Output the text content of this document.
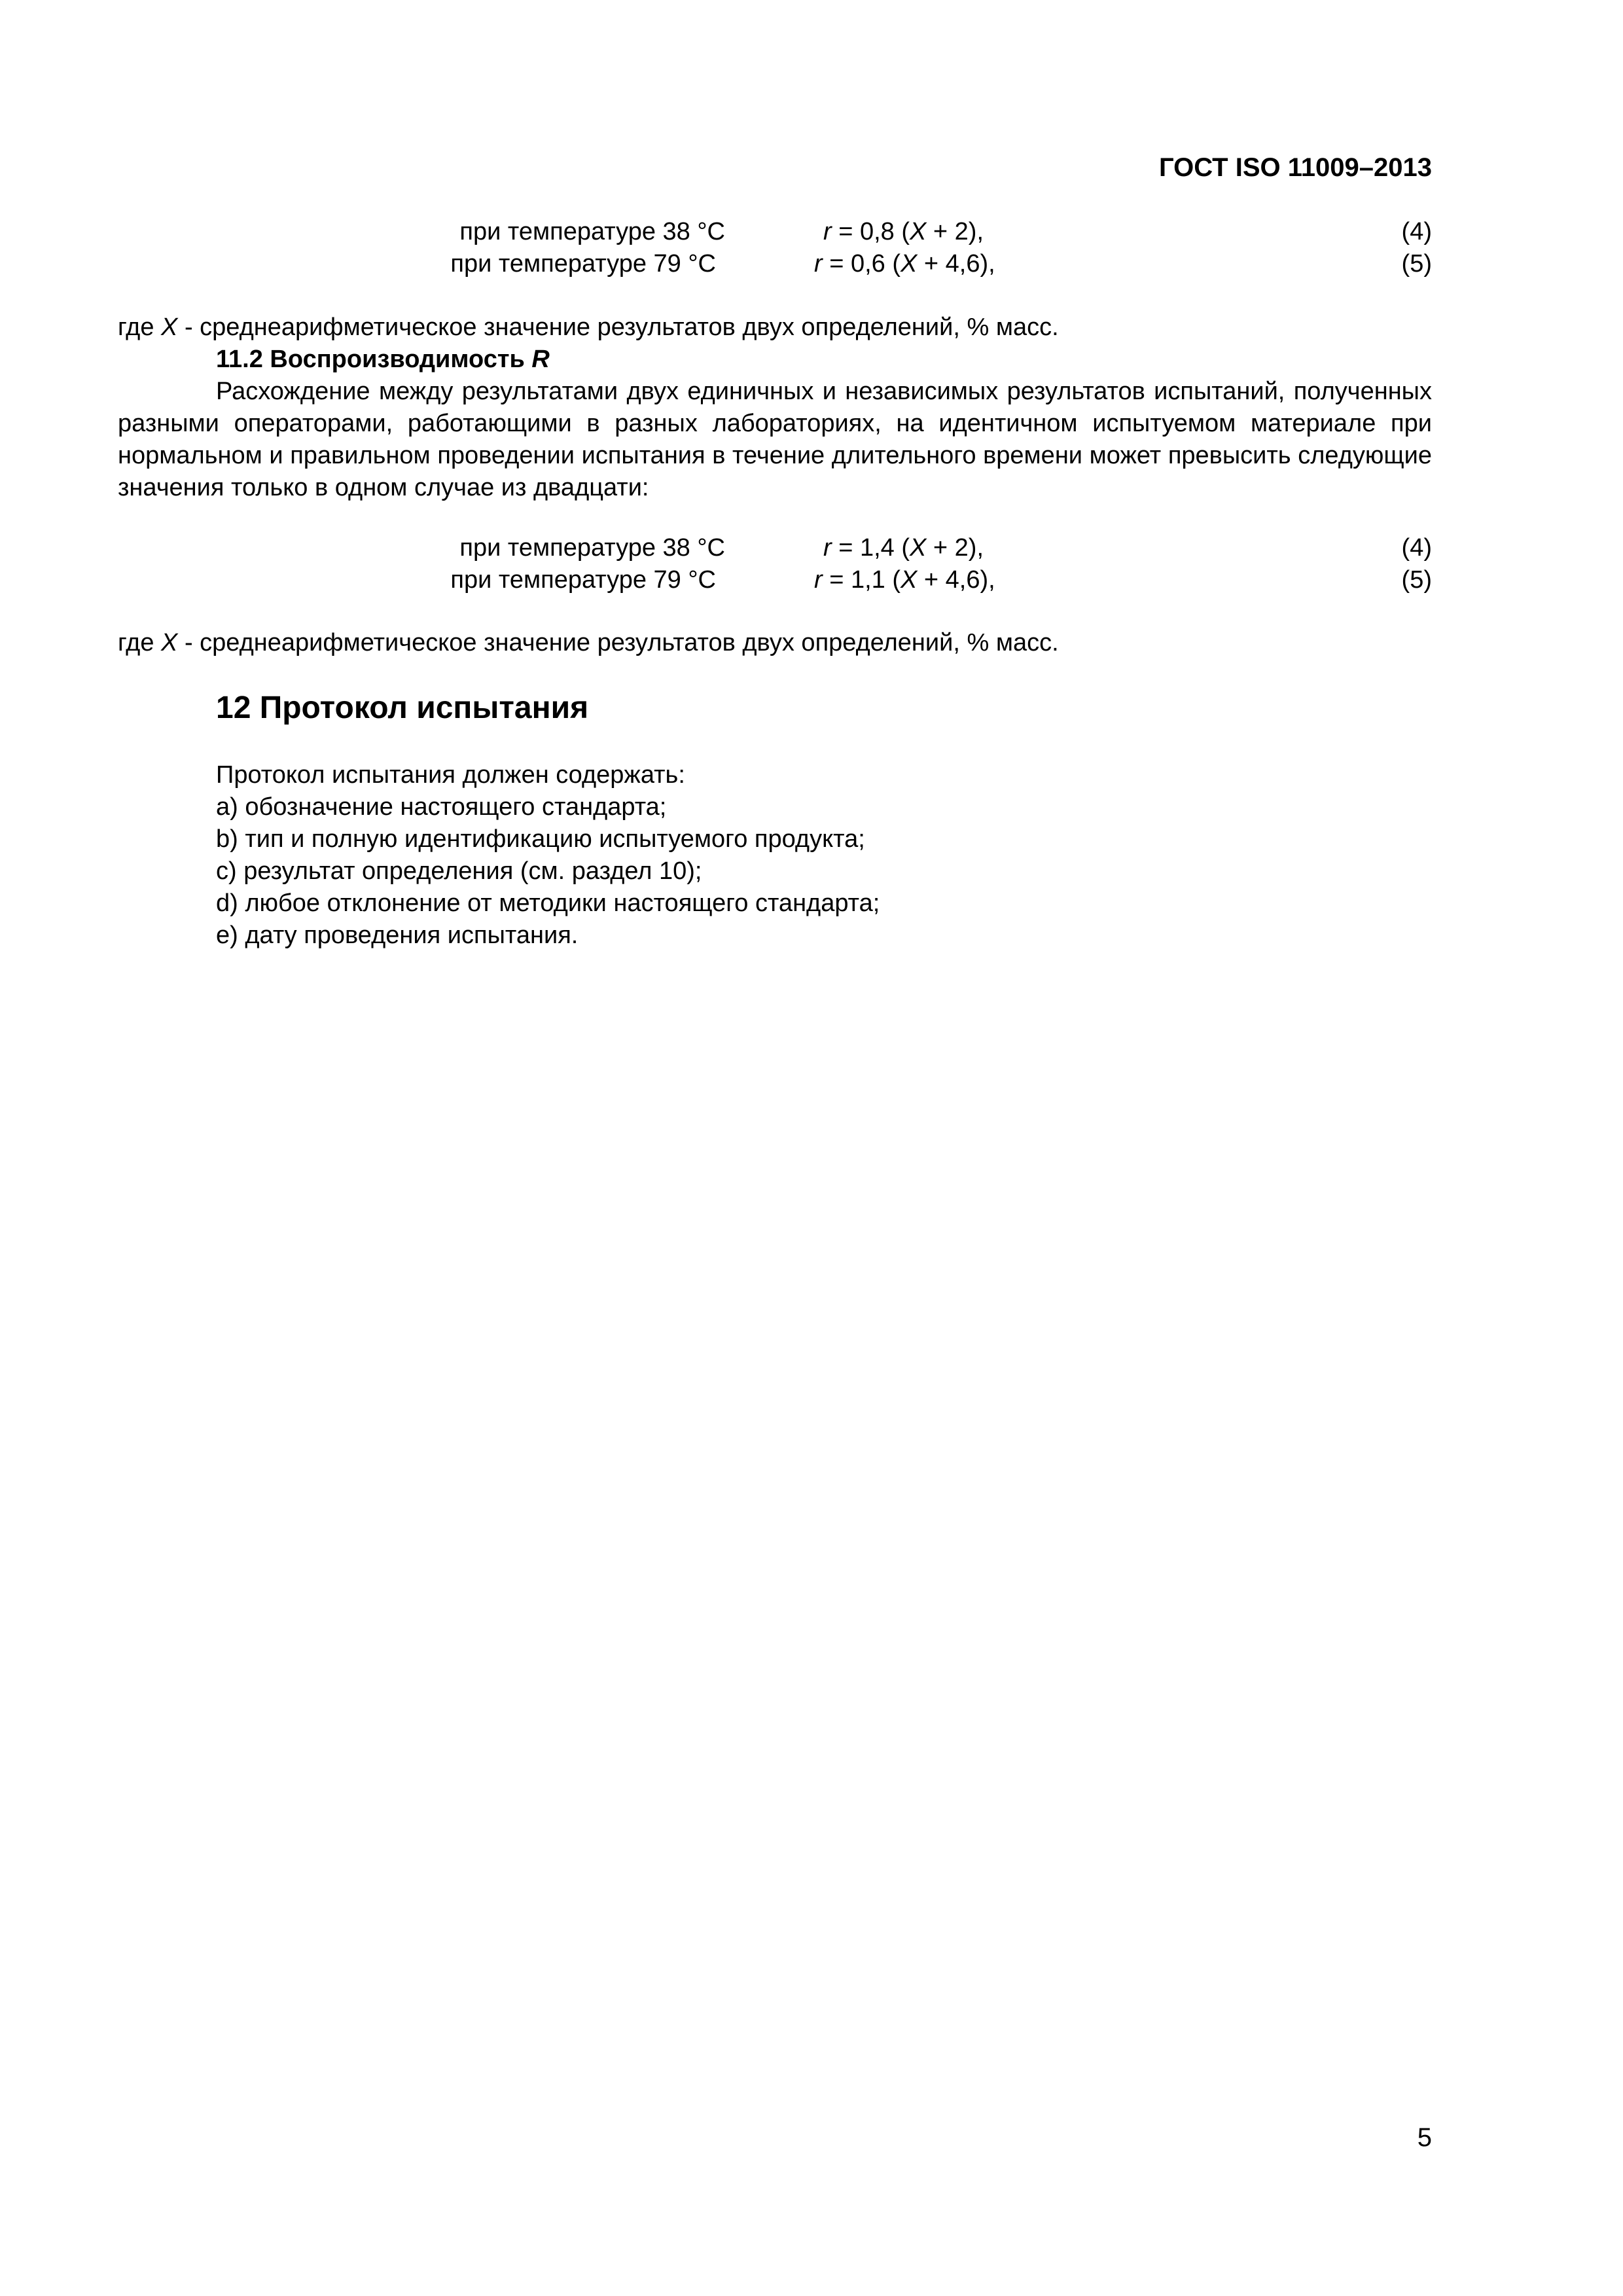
ГОСТ ISO 11009–2013
при температуре 38 °C	r = 0,8 (X + 2),	(4)
при температуре 79 °C	r = 0,6 (X + 4,6),	(5)
где X - среднеарифметическое значение результатов двух определений, % масс.
11.2 Воспроизводимость R
Расхождение между результатами двух единичных и независимых результатов испытаний, полученных разными операторами, работающими в разных лабораториях, на идентичном испытуемом материале при нормальном и правильном проведении испытания в течение длительного времени может превысить следующие значения только в одном случае из двадцати:
при температуре 38 °C	r = 1,4 (X + 2),	(4)
при температуре 79 °C	r = 1,1 (X + 4,6),	(5)
где X - среднеарифметическое значение результатов двух определений, % масс.
12 Протокол испытания
Протокол испытания должен содержать:
а) обозначение настоящего стандарта;
b) тип и полную идентификацию испытуемого продукта;
с) результат определения (см. раздел 10);
d) любое отклонение от методики настоящего стандарта;
е) дату проведения испытания.
5
